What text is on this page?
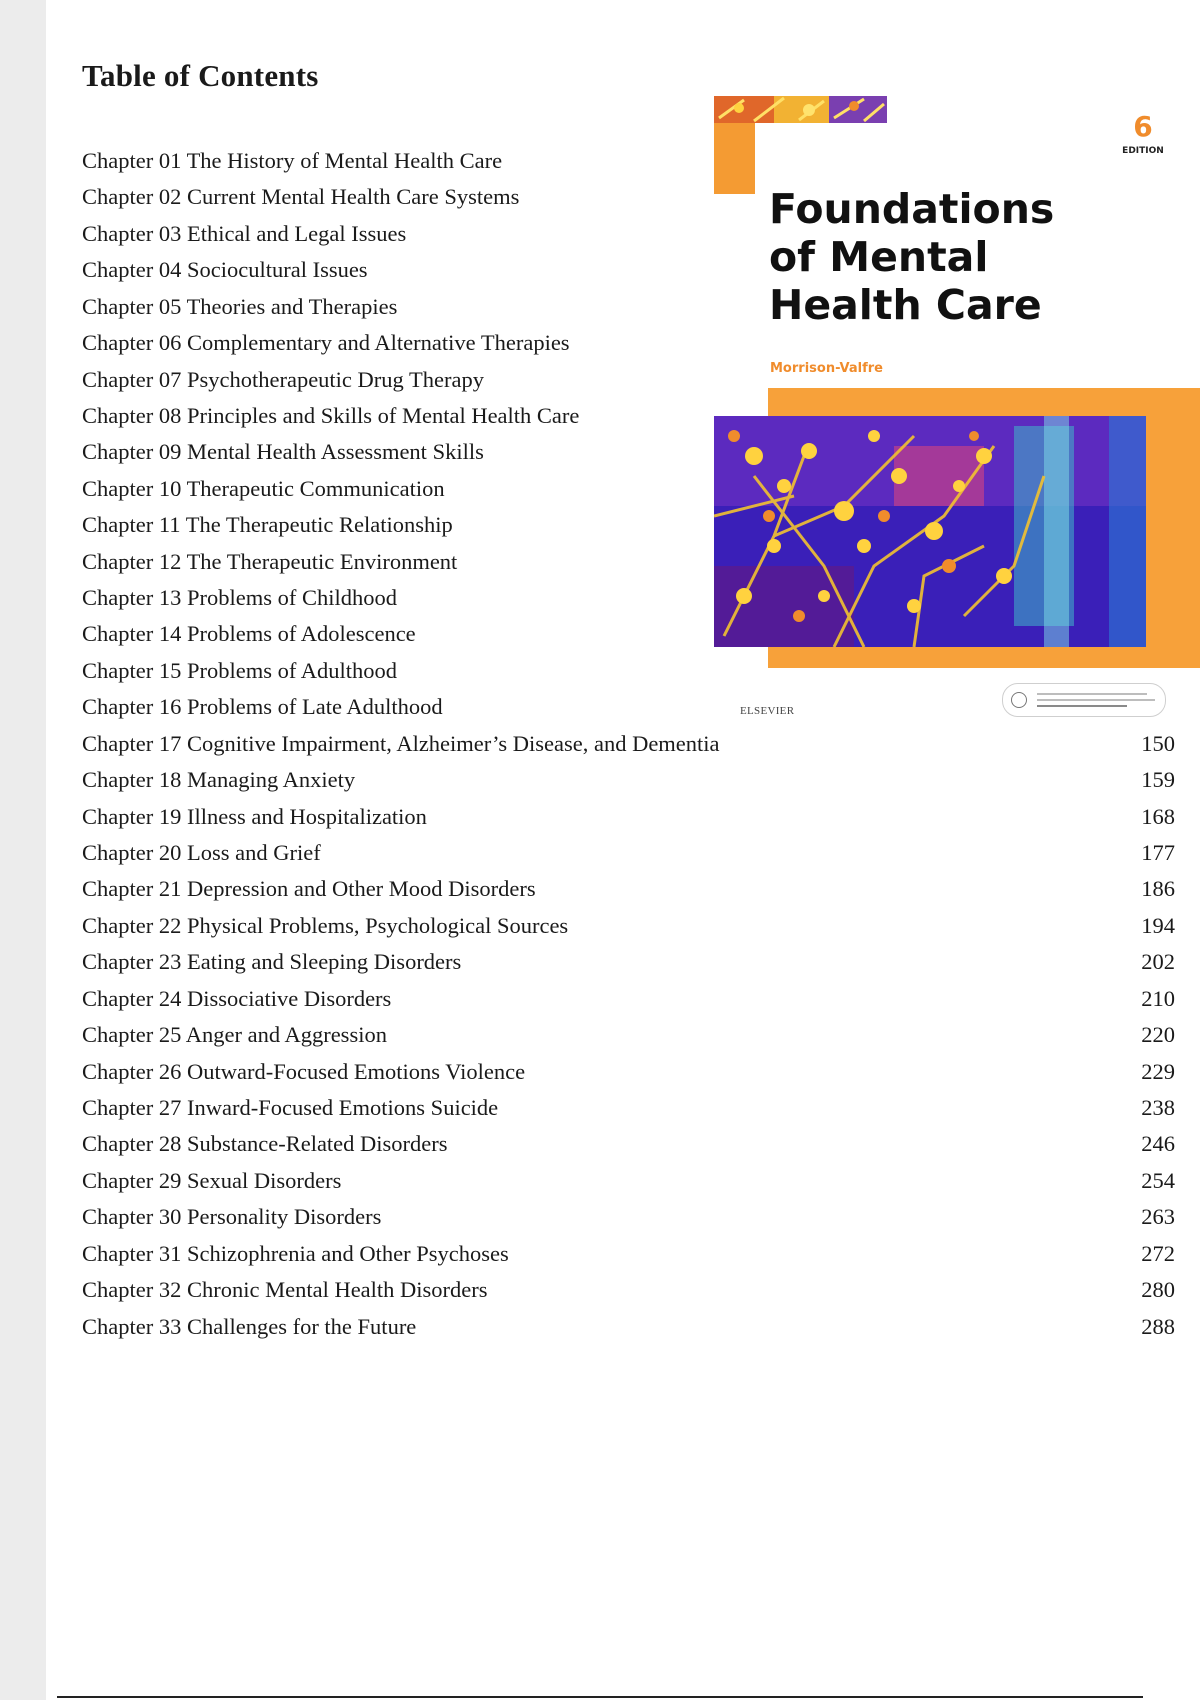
Table of Contents
Chapter 01 The History of Mental Health Care
Chapter 02 Current Mental Health Care Systems
Chapter 03 Ethical and Legal Issues
Chapter 04 Sociocultural Issues
Chapter 05 Theories and Therapies
Chapter 06 Complementary and Alternative Therapies
Chapter 07 Psychotherapeutic Drug Therapy
Chapter 08 Principles and Skills of Mental Health Care
Chapter 09 Mental Health Assessment Skills
Chapter 10 Therapeutic Communication
Chapter 11 The Therapeutic Relationship
Chapter 12 The Therapeutic Environment
Chapter 13 Problems of Childhood
Chapter 14 Problems of Adolescence
Chapter 15 Problems of Adulthood
Chapter 16 Problems of Late Adulthood
Chapter 17 Cognitive Impairment, Alzheimer’s Disease, and Dementia	150
Chapter 18 Managing Anxiety	159
Chapter 19 Illness and Hospitalization	168
Chapter 20 Loss and Grief	177
Chapter 21 Depression and Other Mood Disorders	186
Chapter 22 Physical Problems, Psychological Sources	194
Chapter 23 Eating and Sleeping Disorders	202
Chapter 24 Dissociative Disorders	210
Chapter 25 Anger and Aggression	220
Chapter 26 Outward-Focused Emotions Violence	229
Chapter 27 Inward-Focused Emotions Suicide	238
Chapter 28 Substance-Related Disorders	246
Chapter 29 Sexual Disorders	254
Chapter 30 Personality Disorders	263
Chapter 31 Schizophrenia and Other Psychoses	272
Chapter 32 Chronic Mental Health Disorders	280
Chapter 33 Challenges for the Future	288
6
EDITION
Foundations
of Mental
Health Care
Morrison-Valfre
ELSEVIER
